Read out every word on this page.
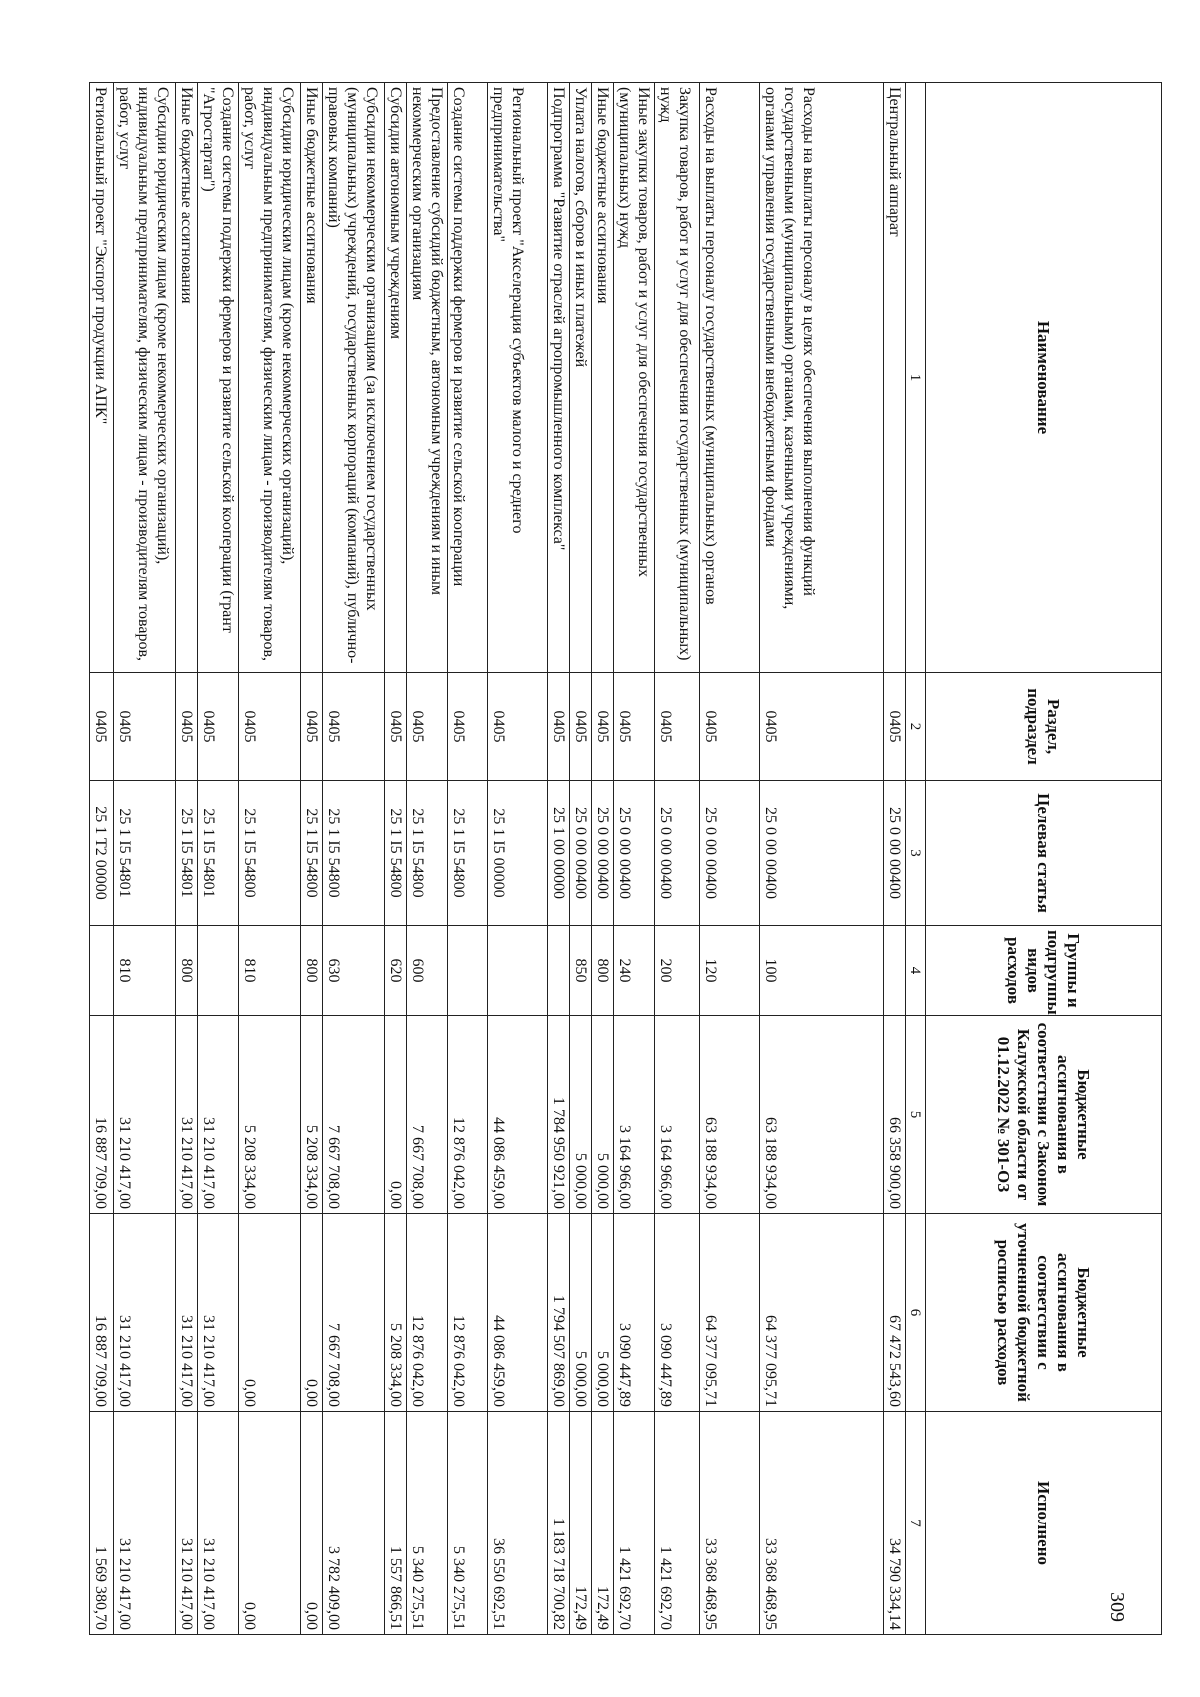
Наименование	Раздел, подраздел	Целевая статья	Группы и подгруппы видов расходов	Бюджетные ассигнования в соответствии с Законом Калужской области от 01.12.2022 № 301-ОЗ	Бюджетные ассигнования в соответствии с уточненной бюджетной росписью расходов	Исполнено
1	2	3	4	5	6	7
Центральный аппарат	0405	25 0 00 00400		66 358 900,00	67 472 543,60	34 790 334,14
Расходы на выплаты персоналу в целях обеспечения выполнения функций государственными (муниципальными) органами, казенными учреждениями, органами управления государственными внебюджетными фондами	0405	25 0 00 00400	100	63 188 934,00	64 377 095,71	33 368 468,95
Расходы на выплаты персоналу государственных (муниципальных) органов	0405	25 0 00 00400	120	63 188 934,00	64 377 095,71	33 368 468,95
Закупка товаров, работ и услуг для обеспечения государственных (муниципальных) нужд	0405	25 0 00 00400	200	3 164 966,00	3 090 447,89	1 421 692,70
Иные закупки товаров, работ и услуг для обеспечения государственных (муниципальных) нужд	0405	25 0 00 00400	240	3 164 966,00	3 090 447,89	1 421 692,70
Иные бюджетные ассигнования	0405	25 0 00 00400	800	5 000,00	5 000,00	172,49
Уплата налогов, сборов и иных платежей	0405	25 0 00 00400	850	5 000,00	5 000,00	172,49
Подпрограмма "Развитие отраслей агропромышленного комплекса"	0405	25 1 00 00000		1 784 950 921,00	1 794 507 869,00	1 183 718 700,82
Региональный проект "Акселерация субъектов малого и среднего предпринимательства"	0405	25 1 I5 00000		44 086 459,00	44 086 459,00	36 550 692,51
Создание системы поддержки фермеров и развитие сельской кооперации	0405	25 1 I5 54800		12 876 042,00	12 876 042,00	5 340 275,51
Предоставление субсидий бюджетным, автономным учреждениям и иным некоммерческим организациям	0405	25 1 I5 54800	600	7 667 708,00	12 876 042,00	5 340 275,51
Субсидии автономным учреждениям	0405	25 1 I5 54800	620	0,00	5 208 334,00	1 557 866,51
Субсидии некоммерческим организациям (за исключением государственных (муниципальных) учреждений, государственных корпораций (компаний), публично-правовых компаний)	0405	25 1 I5 54800	630	7 667 708,00	7 667 708,00	3 782 409,00
Иные бюджетные ассигнования	0405	25 1 I5 54800	800	5 208 334,00	0,00	0,00
Субсидии юридическим лицам (кроме некоммерческих организаций), индивидуальным предпринимателям, физическим лицам - производителям товаров, работ, услуг	0405	25 1 I5 54800	810	5 208 334,00	0,00	0,00
Создание системы поддержки фермеров и развитие сельской кооперации (грант "Агростартап")	0405	25 1 I5 54801		31 210 417,00	31 210 417,00	31 210 417,00
Иные бюджетные ассигнования	0405	25 1 I5 54801	800	31 210 417,00	31 210 417,00	31 210 417,00
Субсидии юридическим лицам (кроме некоммерческих организаций), индивидуальным предпринимателям, физическим лицам - производителям товаров, работ, услуг	0405	25 1 I5 54801	810	31 210 417,00	31 210 417,00	31 210 417,00
Региональный проект "Экспорт продукции АПК"	0405	25 1 T2 00000		16 887 709,00	16 887 709,00	1 569 380,70	309
